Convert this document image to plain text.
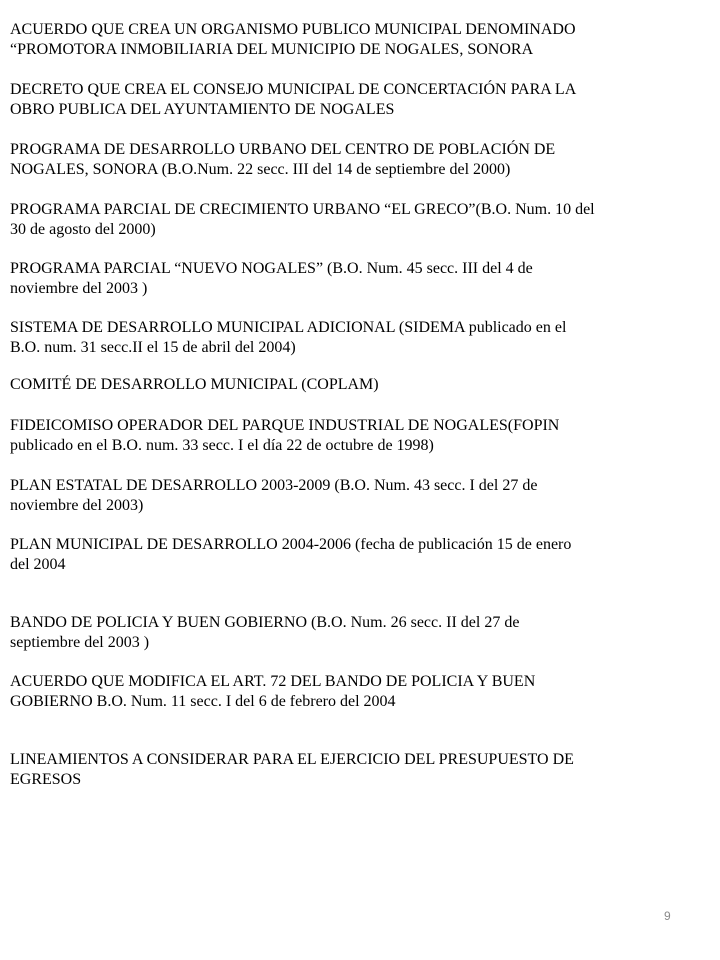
ACUERDO QUE CREA UN ORGANISMO PUBLICO MUNICIPAL DENOMINADO
“PROMOTORA INMOBILIARIA DEL MUNICIPIO DE NOGALES, SONORA

DECRETO QUE CREA EL CONSEJO MUNICIPAL DE CONCERTACIÓN PARA LA
OBRO PUBLICA DEL AYUNTAMIENTO DE NOGALES

PROGRAMA DE DESARROLLO URBANO DEL CENTRO DE POBLACIÓN DE
NOGALES, SONORA (B.O.Num. 22 secc. III del 14 de septiembre del 2000)

PROGRAMA PARCIAL DE CRECIMIENTO URBANO “EL GRECO”(B.O. Num. 10 del
30 de agosto del 2000)

PROGRAMA PARCIAL “NUEVO NOGALES” (B.O. Num. 45 secc. III del 4 de
noviembre del 2003 )

SISTEMA DE DESARROLLO MUNICIPAL ADICIONAL (SIDEMA publicado en el
B.O. num. 31 secc.II el 15 de abril del 2004)

COMITÉ DE DESARROLLO MUNICIPAL (COPLAM)

FIDEICOMISO OPERADOR DEL PARQUE INDUSTRIAL DE NOGALES(FOPIN
publicado en el B.O. num. 33 secc. I el día 22 de octubre de 1998)

PLAN ESTATAL DE DESARROLLO 2003-2009 (B.O. Num. 43 secc. I del 27 de
noviembre del 2003)

PLAN MUNICIPAL DE DESARROLLO 2004-2006 (fecha de publicación 15 de enero
del 2004

BANDO DE POLICIA Y BUEN GOBIERNO (B.O. Num. 26 secc. II del 27 de
septiembre del 2003 )

ACUERDO QUE MODIFICA EL ART. 72 DEL BANDO DE POLICIA Y BUEN
GOBIERNO B.O. Num. 11 secc. I del 6 de febrero del 2004

LINEAMIENTOS A CONSIDERAR PARA EL EJERCICIO DEL PRESUPUESTO DE
EGRESOS

9
